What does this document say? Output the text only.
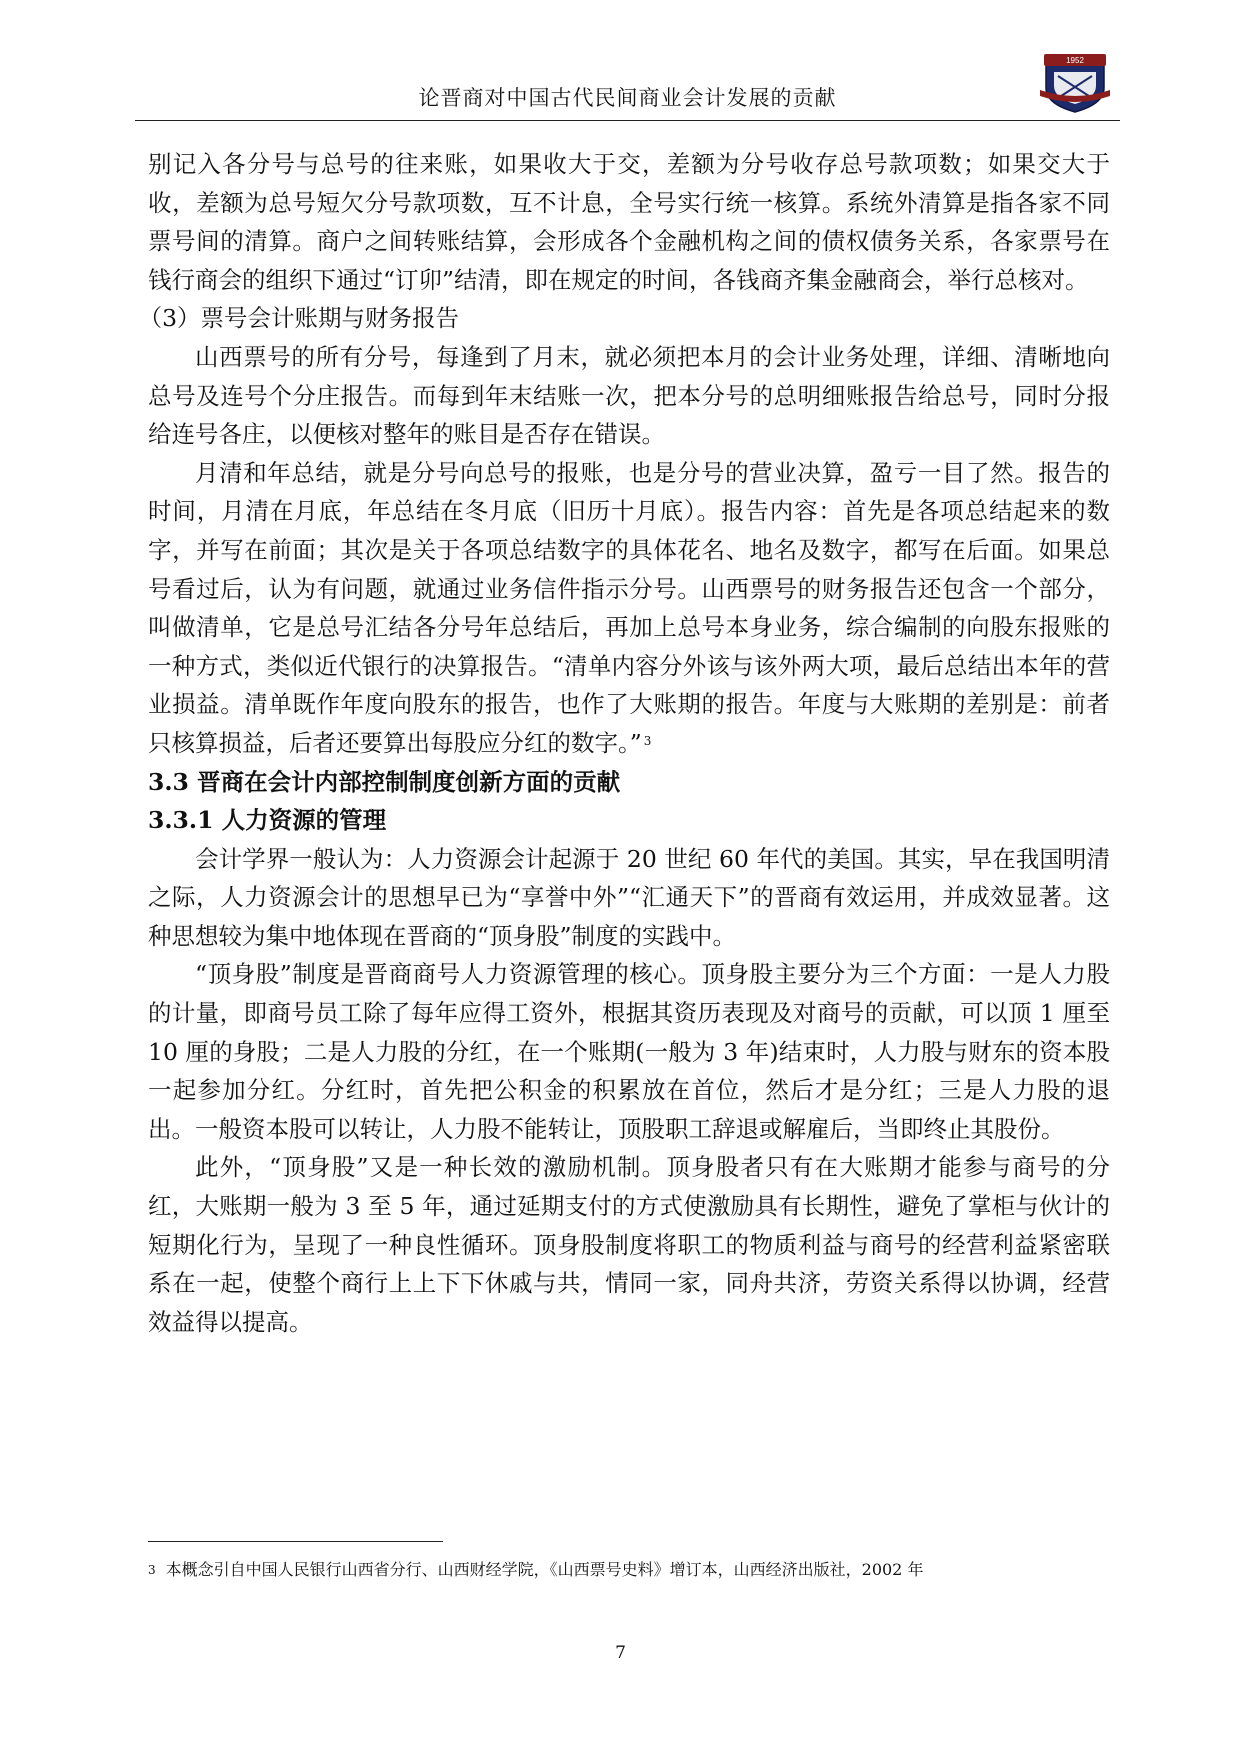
论晋商对中国古代民间商业会计发展的贡献
1952

别记入各分号与总号的往来账，如果收大于交，差额为分号收存总号款项数；如果交大于收，差额为总号短欠分号款项数，互不计息，全号实行统一核算。系统外清算是指各家不同票号间的清算。商户之间转账结算，会形成各个金融机构之间的债权债务关系，各家票号在钱行商会的组织下通过“订卯”结清，即在规定的时间，各钱商齐集金融商会，举行总核对。

（3）票号会计账期与财务报告

山西票号的所有分号，每逢到了月末，就必须把本月的会计业务处理，详细、清晰地向总号及连号个分庄报告。而每到年末结账一次，把本分号的总明细账报告给总号，同时分报给连号各庄，以便核对整年的账目是否存在错误。

月清和年总结，就是分号向总号的报账，也是分号的营业决算，盈亏一目了然。报告的时间，月清在月底，年总结在冬月底（旧历十月底）。报告内容：首先是各项总结起来的数字，并写在前面；其次是关于各项总结数字的具体花名、地名及数字，都写在后面。如果总号看过后，认为有问题，就通过业务信件指示分号。山西票号的财务报告还包含一个部分，叫做清单，它是总号汇结各分号年总结后，再加上总号本身业务，综合编制的向股东报账的一种方式，类似近代银行的决算报告。“清单内容分外该与该外两大项，最后总结出本年的营业损益。清单既作年度向股东的报告，也作了大账期的报告。年度与大账期的差别是：前者只核算损益，后者还要算出每股应分红的数字。” $^3$

3.3 晋商在会计内部控制制度创新方面的贡献

3.3.1 人力资源的管理

会计学界一般认为：人力资源会计起源于 20 世纪 60 年代的美国。其实，早在我国明清之际，人力资源会计的思想早已为“享誉中外”“汇通天下”的晋商有效运用，并成效显著。这种思想较为集中地体现在晋商的“顶身股”制度的实践中。

“顶身股”制度是晋商商号人力资源管理的核心。顶身股主要分为三个方面：一是人力股的计量，即商号员工除了每年应得工资外，根据其资历表现及对商号的贡献，可以顶 1 厘至 10 厘的身股；二是人力股的分红，在一个账期(一般为 3 年)结束时，人力股与财东的资本股一起参加分红。分红时，首先把公积金的积累放在首位，然后才是分红；三是人力股的退出。一般资本股可以转让，人力股不能转让，顶股职工辞退或解雇后，当即终止其股份。

此外，“顶身股”又是一种长效的激励机制。顶身股者只有在大账期才能参与商号的分红，大账期一般为 3 至 5 年，通过延期支付的方式使激励具有长期性，避免了掌柜与伙计的短期化行为，呈现了一种良性循环。顶身股制度将职工的物质利益与商号的经营利益紧密联系在一起，使整个商行上上下下休戚与共，情同一家，同舟共济，劳资关系得以协调，经营效益得以提高。

$^3$ 本概念引自中国人民银行山西省分行、山西财经学院，《山西票号史料》增订本，山西经济出版社，2002 年
7
